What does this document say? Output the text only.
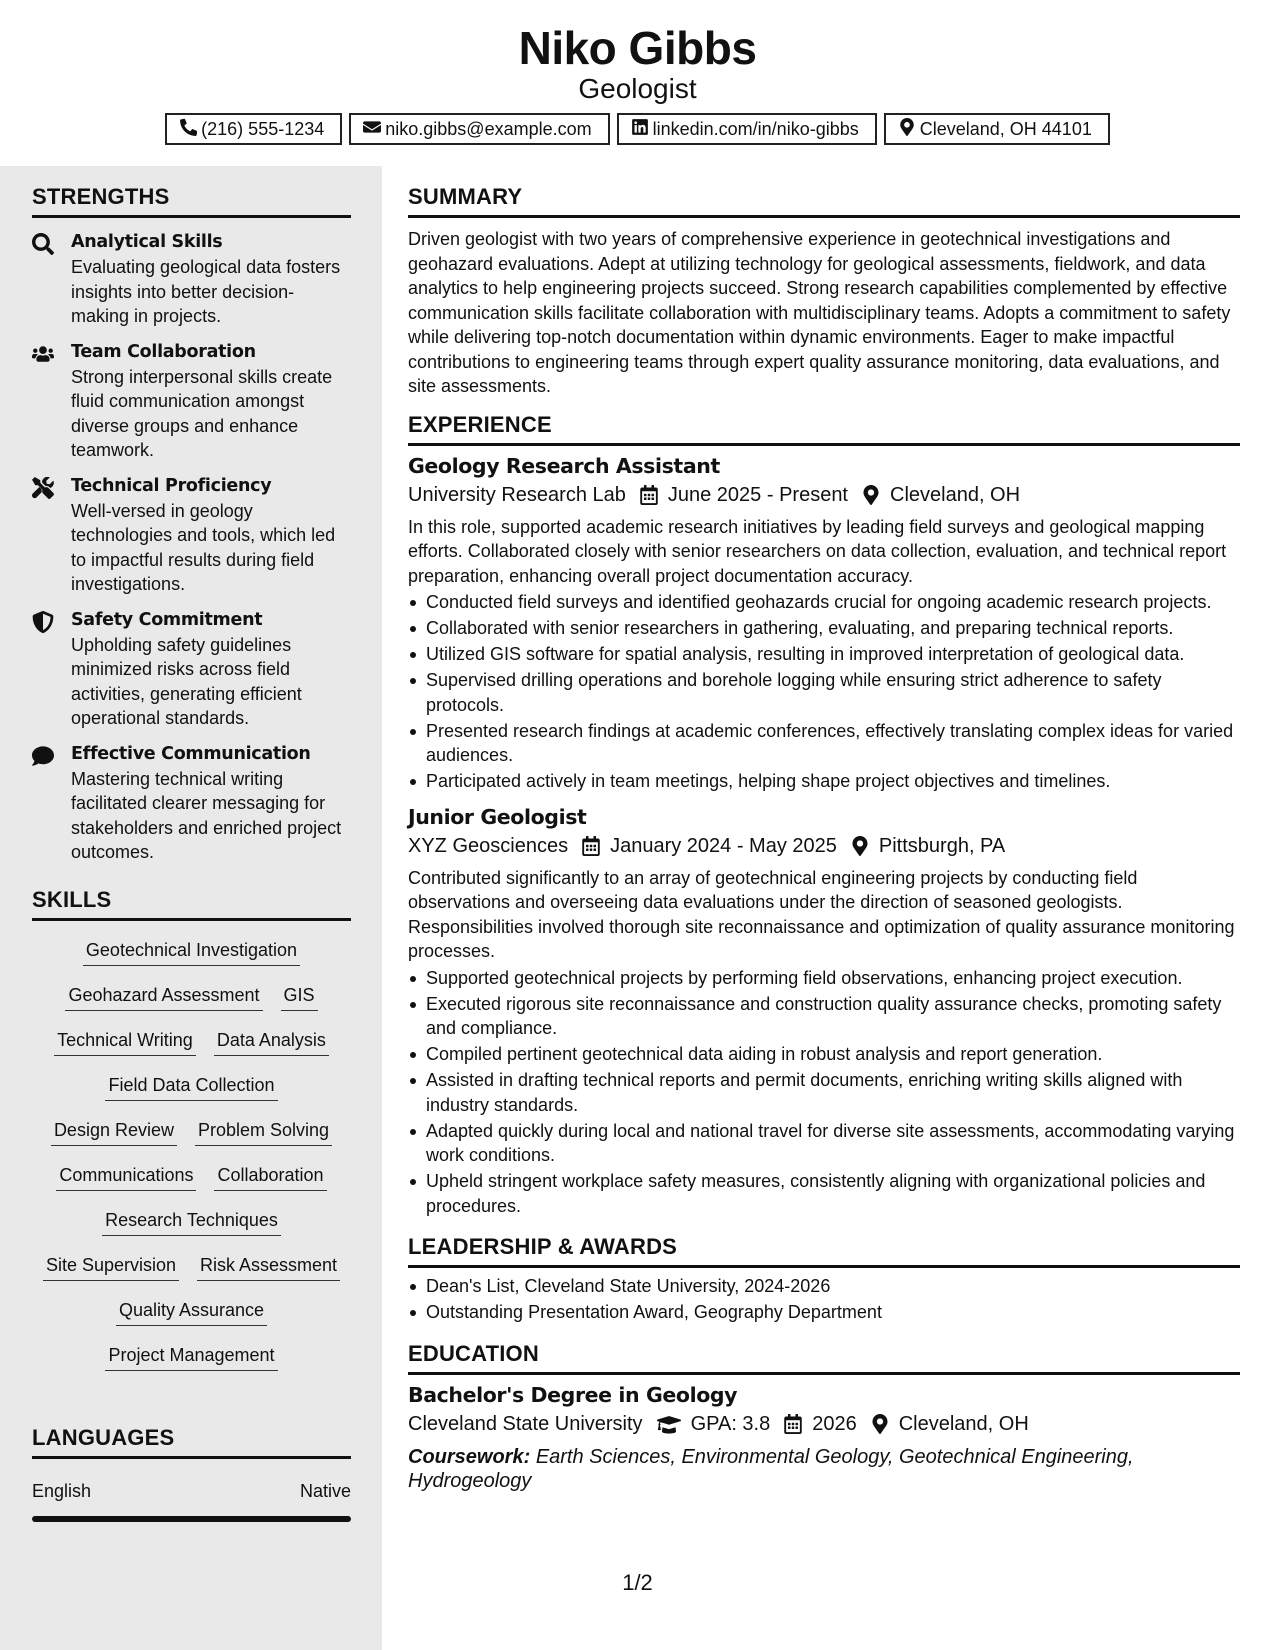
Niko Gibbs
Geologist
(216) 555-1234	niko.gibbs@example.com	linkedin.com/in/niko-gibbs	Cleveland, OH 44101
STRENGTHS
Analytical Skills
Evaluating geological data fosters insights into better decision-making in projects.
Team Collaboration
Strong interpersonal skills create fluid communication amongst diverse groups and enhance teamwork.
Technical Proficiency
Well-versed in geology technologies and tools, which led to impactful results during field investigations.
Safety Commitment
Upholding safety guidelines minimized risks across field activities, generating efficient operational standards.
Effective Communication
Mastering technical writing facilitated clearer messaging for stakeholders and enriched project outcomes.
SKILLS
Geotechnical Investigation
Geohazard Assessment GIS
Technical Writing Data Analysis
Field Data Collection
Design Review Problem Solving
Communications Collaboration
Research Techniques
Site Supervision Risk Assessment
Quality Assurance
Project Management
LANGUAGES
English	Native
SUMMARY
Driven geologist with two years of comprehensive experience in geotechnical investigations and geohazard evaluations. Adept at utilizing technology for geological assessments, fieldwork, and data analytics to help engineering projects succeed. Strong research capabilities complemented by effective communication skills facilitate collaboration with multidisciplinary teams. Adopts a commitment to safety while delivering top-notch documentation within dynamic environments. Eager to make impactful contributions to engineering teams through expert quality assurance monitoring, data evaluations, and site assessments.
EXPERIENCE
Geology Research Assistant
University Research Lab June 2025 - Present Cleveland, OH
In this role, supported academic research initiatives by leading field surveys and geological mapping efforts. Collaborated closely with senior researchers on data collection, evaluation, and technical report preparation, enhancing overall project documentation accuracy.
Conducted field surveys and identified geohazards crucial for ongoing academic research projects.
Collaborated with senior researchers in gathering, evaluating, and preparing technical reports.
Utilized GIS software for spatial analysis, resulting in improved interpretation of geological data.
Supervised drilling operations and borehole logging while ensuring strict adherence to safety protocols.
Presented research findings at academic conferences, effectively translating complex ideas for varied audiences.
Participated actively in team meetings, helping shape project objectives and timelines.
Junior Geologist
XYZ Geosciences January 2024 - May 2025 Pittsburgh, PA
Contributed significantly to an array of geotechnical engineering projects by conducting field observations and overseeing data evaluations under the direction of seasoned geologists. Responsibilities involved thorough site reconnaissance and optimization of quality assurance monitoring processes.
Supported geotechnical projects by performing field observations, enhancing project execution.
Executed rigorous site reconnaissance and construction quality assurance checks, promoting safety and compliance.
Compiled pertinent geotechnical data aiding in robust analysis and report generation.
Assisted in drafting technical reports and permit documents, enriching writing skills aligned with industry standards.
Adapted quickly during local and national travel for diverse site assessments, accommodating varying work conditions.
Upheld stringent workplace safety measures, consistently aligning with organizational policies and procedures.
LEADERSHIP & AWARDS
Dean's List, Cleveland State University, 2024-2026
Outstanding Presentation Award, Geography Department
EDUCATION
Bachelor's Degree in Geology
Cleveland State University GPA: 3.8 2026 Cleveland, OH
Coursework: Earth Sciences, Environmental Geology, Geotechnical Engineering, Hydrogeology
1/2
